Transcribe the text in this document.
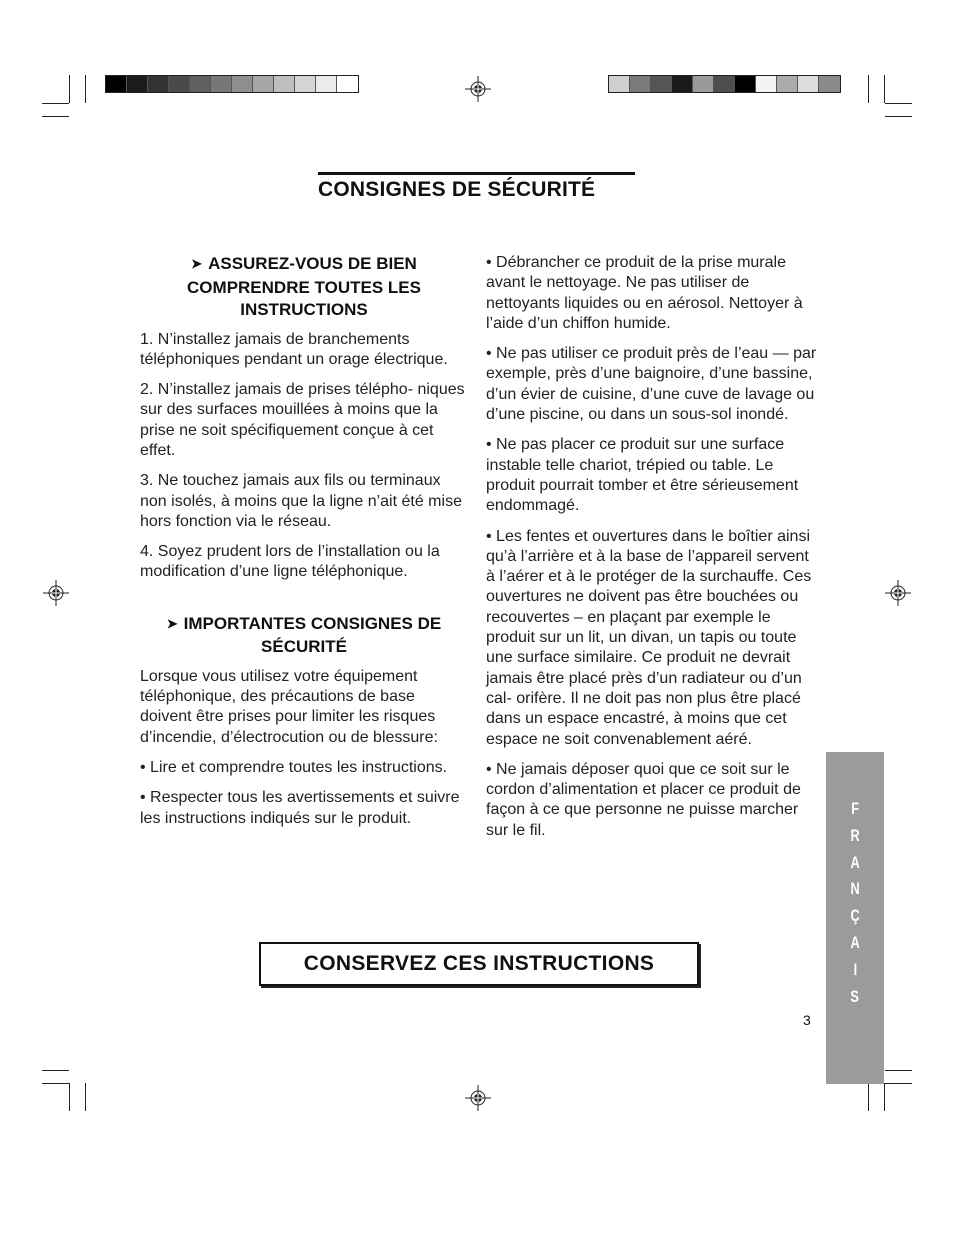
CONSIGNES DE SÉCURITÉ
➤ ASSUREZ-VOUS DE BIEN COMPRENDRE TOUTES LES INSTRUCTIONS

1. N’installez jamais de branchements téléphoniques pendant un orage électrique.

2. N’installez jamais de prises télépho- niques sur des surfaces mouillées à moins que la prise ne soit spécifiquement conçue à cet effet.

3. Ne touchez jamais aux fils ou terminaux non isolés, à moins que la ligne n’ait été mise hors fonction via le réseau.

4. Soyez prudent lors de l’installation ou la modification d’une ligne téléphonique.

➤ IMPORTANTES CONSIGNES DE SÉCURITÉ

Lorsque vous utilisez votre équipement téléphonique, des précautions de base doivent être prises pour limiter les risques d’incendie, d’électrocution ou de blessure:

• Lire et comprendre toutes les instructions.

• Respecter tous les avertissements et suivre les instructions indiqués sur le produit.

• Débrancher ce produit de la prise murale avant le nettoyage. Ne pas utiliser de nettoyants liquides ou en aérosol. Nettoyer à l’aide d’un chiffon humide.

• Ne pas utiliser ce produit près de l’eau — par exemple, près d’une baignoire, d’une bassine, d’un évier de cuisine, d’une cuve de lavage ou d’une piscine, ou dans un sous-sol inondé.

• Ne pas placer ce produit sur une surface instable telle chariot, trépied ou table. Le produit pourrait tomber et être sérieusement endommagé.

• Les fentes et ouvertures dans le boîtier ainsi qu’à l’arrière et à la base de l’appareil servent à l’aérer et à le protéger de la surchauffe. Ces ouvertures ne doivent pas être bouchées ou recouvertes – en plaçant par exemple le produit sur un lit, un divan, un tapis ou toute une surface similaire. Ce produit ne devrait jamais être placé près d’un radiateur ou d’un cal- orifère. Il ne doit pas non plus être placé dans un espace encastré, à moins que cet espace ne soit convenablement aéré.

• Ne jamais déposer quoi que ce soit sur le cordon d’alimentation et placer ce produit de façon à ce que personne ne puisse marcher sur le fil.

CONSERVEZ CES INSTRUCTIONS
F
R
A
N
Ç
A
I
S
3
